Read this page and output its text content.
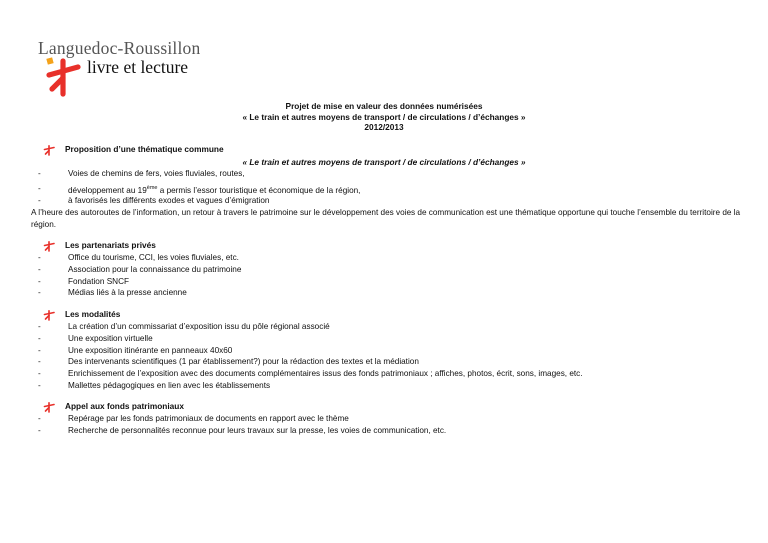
Languedoc-Roussillon
livre et lecture
Projet de mise en valeur des données numérisées
« Le train et autres moyens de transport / de circulations / d’échanges »
2012/2013
Proposition d’une thématique commune
« Le train et autres moyens de transport / de circulations / d’échanges »
-	Voies de chemins de fers, voies fluviales, routes,
-	développement au 19ème a permis l’essor touristique et économique de la région,
-	à favorisés les différents exodes et vagues d’émigration
A l’heure des autoroutes de l’information, un retour à travers le patrimoine sur le développement des voies de communication est une thématique opportune qui touche l’ensemble du territoire de la région.
Les partenariats privés
-	Office du tourisme, CCI, les voies fluviales, etc.
-	Association pour la connaissance du patrimoine
-	Fondation SNCF
-	Médias liés à la presse ancienne
Les modalités
-	La création d’un commissariat d’exposition issu du pôle régional associé
-	Une exposition virtuelle
-	Une exposition itinérante en panneaux 40x60
-	Des intervenants scientifiques (1 par établissement?) pour la rédaction des textes et la médiation
-	Enrichissement de l’exposition avec des documents complémentaires issus des fonds patrimoniaux ; affiches, photos, écrit, sons, images, etc.
-	Mallettes pédagogiques en lien avec les établissements
Appel aux fonds patrimoniaux
-	Repérage par les fonds patrimoniaux de documents en rapport avec le thème
-	Recherche de personnalités reconnue pour leurs travaux sur la presse, les voies de communication, etc.
